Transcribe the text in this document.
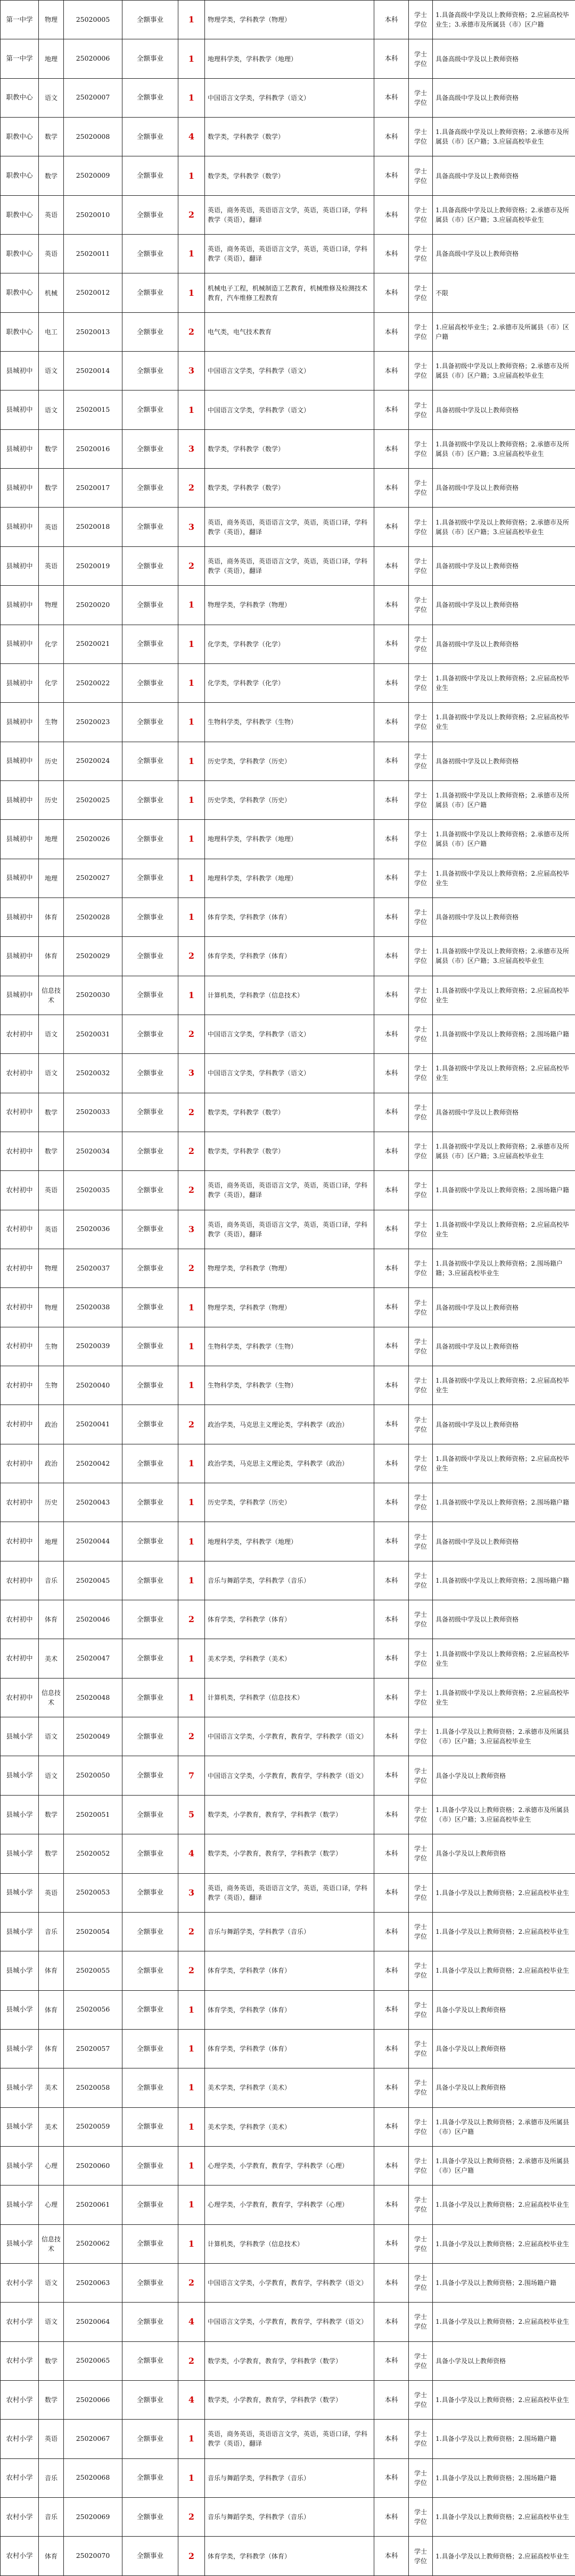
第一中学	物理	25020005	全额事业	1	物理学类，学科教学（物理）	本科	学士学位	1.具备高级中学及以上教师资格；2.应届高校毕业生；3.承德市及所属县（市）区户籍
第一中学	地理	25020006	全额事业	1	地理科学类，学科教学（地理）	本科	学士学位	具备高级中学及以上教师资格
职教中心	语文	25020007	全额事业	1	中国语言文学类，学科教学（语文）	本科	学士学位	具备高级中学及以上教师资格
职教中心	数学	25020008	全额事业	4	数学类，学科教学（数学）	本科	学士学位	1.具备高级中学及以上教师资格；2.承德市及所属县（市）区户籍；3.应届高校毕业生
职教中心	数学	25020009	全额事业	1	数学类，学科教学（数学）	本科	学士学位	具备高级中学及以上教师资格
职教中心	英语	25020010	全额事业	2	英语，商务英语，英语语言文学，英语，英语口译，学科教学（英语），翻译	本科	学士学位	1.具备高级中学及以上教师资格；2.承德市及所属县（市）区户籍；3.应届高校毕业生
职教中心	英语	25020011	全额事业	1	英语，商务英语，英语语言文学，英语，英语口译，学科教学（英语），翻译	本科	学士学位	具备高级中学及以上教师资格
职教中心	机械	25020012	全额事业	1	机械电子工程，机械制造工艺教育，机械维修及检测技术教育，汽车维修工程教育	本科	学士学位	不限
职教中心	电工	25020013	全额事业	2	电气类，电气技术教育	本科	学士学位	1.应届高校毕业生；2.承德市及所属县（市）区户籍
县城初中	语文	25020014	全额事业	3	中国语言文学类，学科教学（语文）	本科	学士学位	1.具备初级中学及以上教师资格；2.承德市及所属县（市）区户籍；3.应届高校毕业生
县城初中	语文	25020015	全额事业	1	中国语言文学类，学科教学（语文）	本科	学士学位	具备初级中学及以上教师资格
县城初中	数学	25020016	全额事业	3	数学类，学科教学（数学）	本科	学士学位	1.具备初级中学及以上教师资格；2.承德市及所属县（市）区户籍；3.应届高校毕业生
县城初中	数学	25020017	全额事业	2	数学类，学科教学（数学）	本科	学士学位	具备初级中学及以上教师资格
县城初中	英语	25020018	全额事业	3	英语，商务英语，英语语言文学，英语，英语口译，学科教学（英语），翻译	本科	学士学位	1.具备初级中学及以上教师资格；2.承德市及所属县（市）区户籍；3.应届高校毕业生
县城初中	英语	25020019	全额事业	2	英语，商务英语，英语语言文学，英语，英语口译，学科教学（英语），翻译	本科	学士学位	具备初级中学及以上教师资格
县城初中	物理	25020020	全额事业	1	物理学类，学科教学（物理）	本科	学士学位	具备初级中学及以上教师资格
县城初中	化学	25020021	全额事业	1	化学类，学科教学（化学）	本科	学士学位	具备初级中学及以上教师资格
县城初中	化学	25020022	全额事业	1	化学类，学科教学（化学）	本科	学士学位	1.具备初级中学及以上教师资格；2.应届高校毕业生
县城初中	生物	25020023	全额事业	1	生物科学类，学科教学（生物）	本科	学士学位	1.具备初级中学及以上教师资格；2.应届高校毕业生
县城初中	历史	25020024	全额事业	1	历史学类，学科教学（历史）	本科	学士学位	具备初级中学及以上教师资格
县城初中	历史	25020025	全额事业	1	历史学类，学科教学（历史）	本科	学士学位	1.具备初级中学及以上教师资格；2.承德市及所属县（市）区户籍
县城初中	地理	25020026	全额事业	1	地理科学类，学科教学（地理）	本科	学士学位	1.具备初级中学及以上教师资格；2.承德市及所属县（市）区户籍
县城初中	地理	25020027	全额事业	1	地理科学类，学科教学（地理）	本科	学士学位	1.具备初级中学及以上教师资格；2.应届高校毕业生
县城初中	体育	25020028	全额事业	1	体育学类，学科教学（体育）	本科	学士学位	具备初级中学及以上教师资格
县城初中	体育	25020029	全额事业	2	体育学类，学科教学（体育）	本科	学士学位	1.具备初级中学及以上教师资格；2.承德市及所属县（市）区户籍；3.应届高校毕业生
县城初中	信息技术	25020030	全额事业	1	计算机类，学科教学（信息技术）	本科	学士学位	1.具备初级中学及以上教师资格；2.应届高校毕业生
农村初中	语文	25020031	全额事业	2	中国语言文学类，学科教学（语文）	本科	学士学位	1.具备初级中学及以上教师资格；2.围场籍户籍
农村初中	语文	25020032	全额事业	3	中国语言文学类，学科教学（语文）	本科	学士学位	1.具备初级中学及以上教师资格；2.应届高校毕业生
农村初中	数学	25020033	全额事业	2	数学类，学科教学（数学）	本科	学士学位	具备初级中学及以上教师资格
农村初中	数学	25020034	全额事业	2	数学类，学科教学（数学）	本科	学士学位	1.具备初级中学及以上教师资格；2.承德市及所属县（市）区户籍；3.应届高校毕业生
农村初中	英语	25020035	全额事业	2	英语，商务英语，英语语言文学，英语，英语口译，学科教学（英语），翻译	本科	学士学位	1.具备初级中学及以上教师资格；2.围场籍户籍
农村初中	英语	25020036	全额事业	3	英语，商务英语，英语语言文学，英语，英语口译，学科教学（英语），翻译	本科	学士学位	1.具备初级中学及以上教师资格；2.应届高校毕业生
农村初中	物理	25020037	全额事业	2	物理学类，学科教学（物理）	本科	学士学位	1.具备初级中学及以上教师资格；2.围场籍户籍；3.应届高校毕业生
农村初中	物理	25020038	全额事业	1	物理学类，学科教学（物理）	本科	学士学位	具备初级中学及以上教师资格
农村初中	生物	25020039	全额事业	1	生物科学类，学科教学（生物）	本科	学士学位	具备初级中学及以上教师资格
农村初中	生物	25020040	全额事业	1	生物科学类，学科教学（生物）	本科	学士学位	1.具备初级中学及以上教师资格；2.应届高校毕业生
农村初中	政治	25020041	全额事业	2	政治学类，马克思主义理论类，学科教学（政治）	本科	学士学位	具备初级中学及以上教师资格
农村初中	政治	25020042	全额事业	1	政治学类，马克思主义理论类，学科教学（政治）	本科	学士学位	1.具备初级中学及以上教师资格；2.应届高校毕业生
农村初中	历史	25020043	全额事业	1	历史学类，学科教学（历史）	本科	学士学位	1.具备初级中学及以上教师资格；2.围场籍户籍
农村初中	地理	25020044	全额事业	1	地理科学类，学科教学（地理）	本科	学士学位	具备初级中学及以上教师资格
农村初中	音乐	25020045	全额事业	1	音乐与舞蹈学类，学科教学（音乐）	本科	学士学位	1.具备初级中学及以上教师资格；2.围场籍户籍
农村初中	体育	25020046	全额事业	2	体育学类，学科教学（体育）	本科	学士学位	具备初级中学及以上教师资格
农村初中	美术	25020047	全额事业	1	美术学类，学科教学（美术）	本科	学士学位	1.具备初级中学及以上教师资格；2.应届高校毕业生
农村初中	信息技术	25020048	全额事业	1	计算机类，学科教学（信息技术）	本科	学士学位	1.具备初级中学及以上教师资格；2.应届高校毕业生
县城小学	语文	25020049	全额事业	2	中国语言文学类，小学教育，教育学，学科教学（语文）	本科	学士学位	1.具备小学及以上教师资格；2.承德市及所属县（市）区户籍；3.应届高校毕业生
县城小学	语文	25020050	全额事业	7	中国语言文学类，小学教育，教育学，学科教学（语文）	本科	学士学位	具备小学及以上教师资格
县城小学	数学	25020051	全额事业	5	数学类，小学教育，教育学，学科教学（数学）	本科	学士学位	1.具备小学及以上教师资格；2.承德市及所属县（市）区户籍；3.应届高校毕业生
县城小学	数学	25020052	全额事业	4	数学类，小学教育，教育学，学科教学（数学）	本科	学士学位	具备小学及以上教师资格
县城小学	英语	25020053	全额事业	3	英语，商务英语，英语语言文学，英语，英语口译，学科教学（英语），翻译	本科	学士学位	1.具备小学及以上教师资格；2.应届高校毕业生
县城小学	音乐	25020054	全额事业	2	音乐与舞蹈学类，学科教学（音乐）	本科	学士学位	1.具备小学及以上教师资格；2.应届高校毕业生
县城小学	体育	25020055	全额事业	2	体育学类，学科教学（体育）	本科	学士学位	1.具备小学及以上教师资格；2.应届高校毕业生
县城小学	体育	25020056	全额事业	1	体育学类，学科教学（体育）	本科	学士学位	具备小学及以上教师资格
县城小学	体育	25020057	全额事业	1	体育学类，学科教学（体育）	本科	学士学位	具备小学及以上教师资格
县城小学	美术	25020058	全额事业	1	美术学类，学科教学（美术）	本科	学士学位	具备小学及以上教师资格
县城小学	美术	25020059	全额事业	1	美术学类，学科教学（美术）	本科	学士学位	1.具备小学及以上教师资格；2.承德市及所属县（市）区户籍
县城小学	心理	25020060	全额事业	1	心理学类，小学教育，教育学，学科教学（心理）	本科	学士学位	1.具备小学及以上教师资格；2.承德市及所属县（市）区户籍
县城小学	心理	25020061	全额事业	1	心理学类，小学教育，教育学，学科教学（心理）	本科	学士学位	1.具备小学及以上教师资格；2.应届高校毕业生
县城小学	信息技术	25020062	全额事业	1	计算机类，学科教学（信息技术）	本科	学士学位	1.具备小学及以上教师资格；2.应届高校毕业生
农村小学	语文	25020063	全额事业	2	中国语言文学类，小学教育，教育学，学科教学（语文）	本科	学士学位	1.具备小学及以上教师资格；2.围场籍户籍
农村小学	语文	25020064	全额事业	4	中国语言文学类，小学教育，教育学，学科教学（语文）	本科	学士学位	1.具备小学及以上教师资格；2.应届高校毕业生
农村小学	数学	25020065	全额事业	2	数学类，小学教育，教育学，学科教学（数学）	本科	学士学位	具备小学及以上教师资格
农村小学	数学	25020066	全额事业	4	数学类，小学教育，教育学，学科教学（数学）	本科	学士学位	1.具备小学及以上教师资格；2.应届高校毕业生
农村小学	英语	25020067	全额事业	1	英语，商务英语，英语语言文学，英语，英语口译，学科教学（英语），翻译	本科	学士学位	1.具备小学及以上教师资格；2.围场籍户籍
农村小学	音乐	25020068	全额事业	1	音乐与舞蹈学类，学科教学（音乐）	本科	学士学位	1.具备小学及以上教师资格；2.围场籍户籍
农村小学	音乐	25020069	全额事业	2	音乐与舞蹈学类，学科教学（音乐）	本科	学士学位	1.具备小学及以上教师资格；2.应届高校毕业生
农村小学	体育	25020070	全额事业	2	体育学类，学科教学（体育）	本科	学士学位	1.具备小学及以上教师资格；2.应届高校毕业生
